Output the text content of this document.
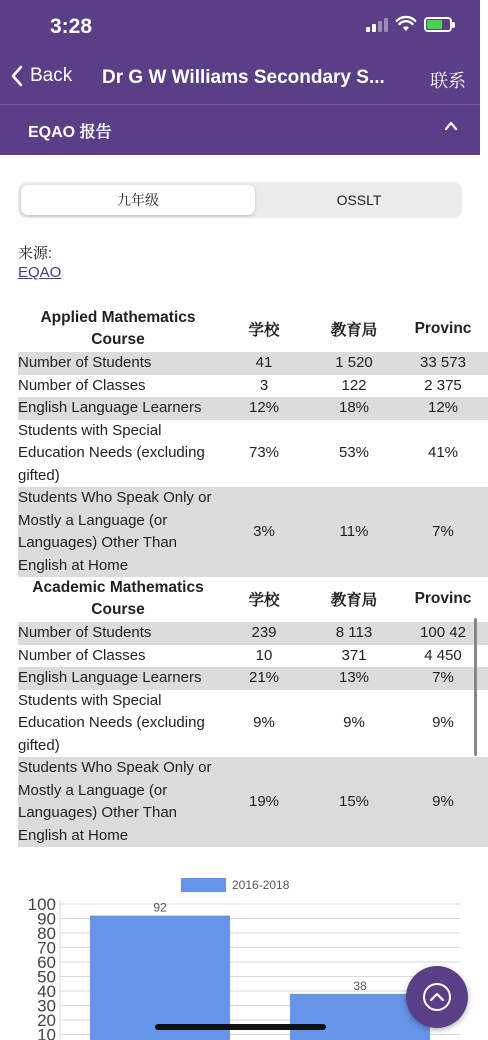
3:28
Back Dr G W Williams Secondary S...	联系
EQAO 报告
九年级	OSSLT
来源:
EQAO
Applied Mathematics Course	学校	教育局	Provinc
Number of Students	41	1 520	33 573
Number of Classes	3	122	2 375
English Language Learners	12%	18%	12%
Students with Special Education Needs (excluding gifted)	73%	53%	41%
Students Who Speak Only or Mostly a Language (or Languages) Other Than English at Home	3%	11%	7%
Academic Mathematics Course	学校	教育局	Provinc
Number of Students	239	8 113	100 42
Number of Classes	10	371	4 450
English Language Learners	21%	13%	7%
Students with Special Education Needs (excluding gifted)	9%	9%	9%
Students Who Speak Only or Mostly a Language (or Languages) Other Than English at Home	19%	15%	9%
2016-2018
10
20
30
40
50
60
70
80
90
100	92
38
